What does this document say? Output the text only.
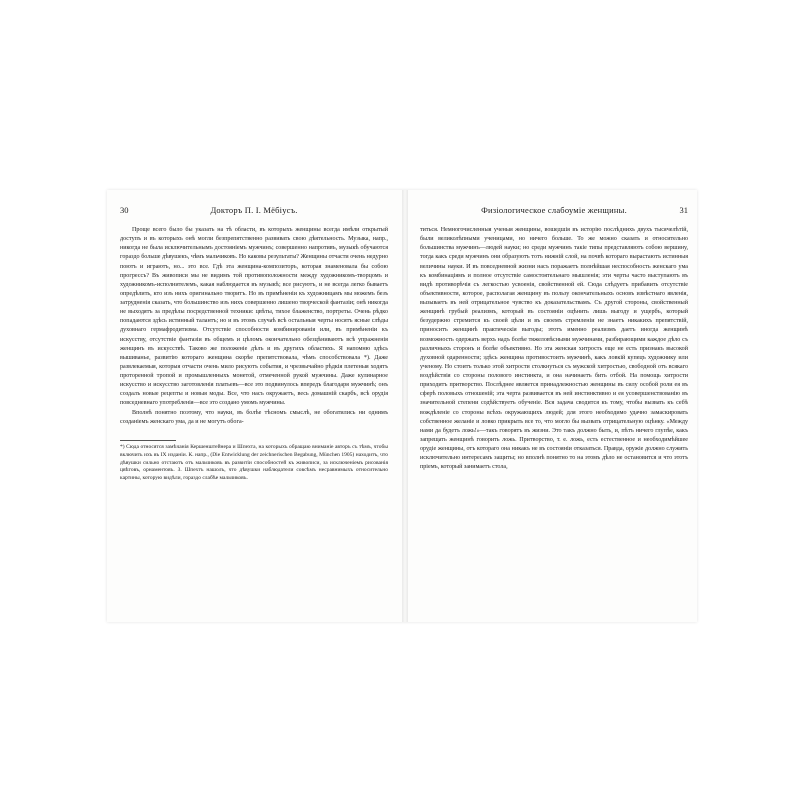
30	Докторъ П. І. Мёбіусъ.

Проще всего было бы указать на тѣ области, въ которыхъ женщины всегда имѣли открытый доступъ и въ которыхъ онѣ могли безпрепятственно развивать свою дѣятельность. Музыка, напр., никогда не была исключительнымъ достояніемъ мужчинъ; совершенно напротивъ, музыкѣ обучаются гораздо больше дѣвушекъ, чѣмъ мальчиковъ. Но каковы результаты? Женщины отчасти очень недурно поютъ и играютъ, но... это все. Гдѣ эта женщина-композиторъ, которая знаменовала бы собою прогрессъ? Въ живописи мы не видимъ той противоположности между художникомъ-творцомъ и художникомъ-исполнителемъ, какая наблюдается въ музыкѣ; все рисуютъ, и не всегда легко бываетъ опредѣлить, кто изъ нихъ оригинально творитъ. Но въ примѣненіи къ художницамъ мы можемъ безъ затрудненія сказать, что большинство изъ нихъ совершенно лишено творческой фантазіи; онѣ никогда не выходятъ за предѣлы посредственной техники: цвѣты, тихое блаженство, портреты. Очень рѣдко попадаются здѣсь истинный талантъ; но и въ этомъ случаѣ всѣ остальныя черты носятъ ясные слѣды духовнаго гермафродитизма. Отсутствіе способности комбинированія или, въ примѣненіи къ искусству, отсутствіе фантазіи въ общемъ и цѣломъ окончательно обезцѣниваютъ всѣ упражненія женщинъ въ искусствѣ. Таково же положеніе дѣлъ и въ другихъ областяхъ. Я напомню здѣсь вышиванье, развитію котораго женщина скорѣе препятствовала, чѣмъ способствовала *). Даже развлекаемыя, которыя отчасти очень мило рисуютъ события, и чрезвычайно рѣдкія плетеныя ходятъ проторенной тропой и промышленныхъ монетой, отмеченной рукой мужчины. Даже кулинарное искусство и искусство заготовленія платьевъ—все это подвинулось впередъ благодаря мужчинѣ; онъ создалъ новые рецепты и новыя моды. Все, что насъ окружаетъ, весь домашній скарбъ, всѣ орудія повседневнаго употребленія—все это создано умомъ мужчины.

Вполнѣ понятно поэтому, что науки, въ болѣе тѣсномъ смыслѣ, не обогатились ни однимъ созданіемъ женскаго ума, да и не могутъ обога-

*) Сюда относятся замѣчанія Кершенштейнера и Шпехта, на которыхъ обращаю вниманіе авторъ съ тѣмъ, чтобы включить ихъ въ IX изданіи. К. напр., (Die Entwicklung der zeichnerischen Begabung, München 1905) находитъ, что дѣвушки сильно отстаютъ отъ мальчиковъ въ развитіи способностей къ живописи, за исключеніемъ рисованія цвѣтовъ, орнаментовъ. З. Шпехтъ нашолъ, что дѣвушки наблюдатели совсѣмъ несравнимыхъ относительно картины, которую видѣли, гораздо слабѣе мальчиковъ.

Физіологическое слабоуміе женщины.	31

титься. Немногочисленныя ученыя женщины, вошедшія въ исторію послѣднихъ двухъ тысячелѣтій, были великолѣпными ученицами, но ничего больше. То же можно сказать и относительно большинства мужчинъ—людей науки; но среди мужчинъ такіе типы представляютъ собою вершину, тогда какъ среди мужчинъ они образуютъ тотъ нижній слой, на почвѣ котораго вырастаютъ истинныя величины науки. И въ повседневной жизни насъ поражаетъ полнѣйшая неспособность женскаго ума къ комбинаціямъ и полное отсутствіе самостоятельнаго мышленія; эти черты часто выступаютъ въ видѣ противорѣчія съ легкостью усвоенія, свойственной ей. Сюда слѣдуетъ прибавить отсутствіе объективности, которое, располагая женщину въ пользу окончательныхъ основъ извѣстнаго явленія, вызываетъ въ ней отрицательное чувство къ доказательствамъ. Съ другой стороны, свойственный женщинѣ грубый реализмъ, который въ состояніи оцѣнить лишь выгоду и ущербъ, который безудержно стремится къ своей цѣли и въ своемъ стремленіи не знаетъ никакихъ препятствій, приноситъ женщинѣ практическія выгоды; этотъ именно реализмъ даетъ иногда женщинѣ возможность одержать верхъ надъ болѣе тяжеловѣсными мужчинами, разбирающими каждое дѣло съ различныхъ сторонъ и болѣе объективно. Но эта женская хитрость еще не есть признакъ высокой духовной одаренности; здѣсь женщина противостоитъ мужчинѣ, какъ ловкій купецъ художнику или ученому. Но стоитъ только этой хитрости столкнуться съ мужской хитростью, свободной отъ всякаго воздѣйствія со стороны полового инстинкта, и она начинаетъ бить отбой. На помощь хитрости приходитъ притворство. Послѣднее является принадлежностью женщины въ силу особой роли ея въ сферѣ половыхъ отношеній; эта черта развивается въ ней инстинктивно и ея усовершенствованію въ значительной степени содѣйствуетъ обученіе. Вся задача сводится къ тому, чтобы вызвать къ себѣ вождѣленіе со стороны всѣхъ окружающихъ людей; для этого необходимо удачно замаскировать собственное желаніе и ловко прикрыть все то, что могло бы вызвать отрицательную оцѣнку. «Между нами да будетъ ложь!»—такъ говорятъ въ жизни. Это такъ должно быть, и, пѣтъ ничего глупѣе, какъ запрещать женщинѣ говорить ложь. Притворство, т. е. ложь, есть естественное и необходимѣйшее орудіе женщины, отъ котораго она никакъ не въ состояніи отказаться. Правда, оружіе должно служить исключительно интересамъ защиты; но вполнѣ понятно то на этомъ дѣло не остановится и что этотъ пріемъ, который занимаетъ стола,
